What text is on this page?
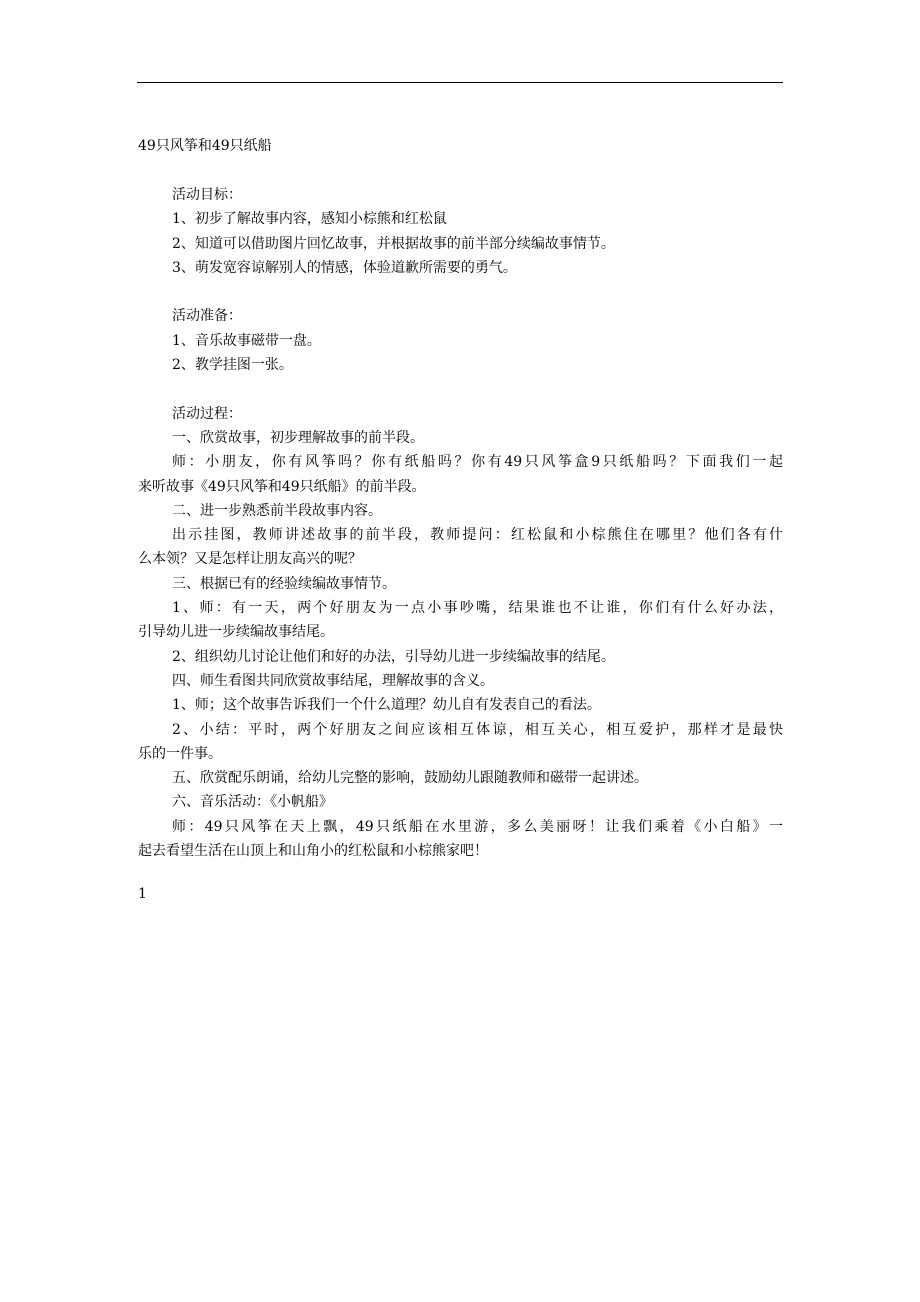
49只风筝和49只纸船
活动目标：
1、初步了解故事内容，感知小棕熊和红松鼠
2、知道可以借助图片回忆故事，并根据故事的前半部分续编故事情节。
3、萌发宽容谅解别人的情感，体验道歉所需要的勇气。
活动准备：
1、音乐故事磁带一盘。
2、教学挂图一张。
活动过程：
一、欣赏故事，初步理解故事的前半段。
师：小朋友，你有风筝吗？你有纸船吗？你有49只风筝盒9只纸船吗？下面我们一起
来听故事《49只风筝和49只纸船》的前半段。
二、进一步熟悉前半段故事内容。
出示挂图，教师讲述故事的前半段，教师提问：红松鼠和小棕熊住在哪里？他们各有什
么本领？又是怎样让朋友高兴的呢？
三、根据已有的经验续编故事情节。
1、师：有一天，两个好朋友为一点小事吵嘴，结果谁也不让谁，你们有什么好办法，
引导幼儿进一步续编故事结尾。
2、组织幼儿讨论让他们和好的办法，引导幼儿进一步续编故事的结尾。
四、师生看图共同欣赏故事结尾，理解故事的含义。
1、师；这个故事告诉我们一个什么道理？幼儿自有发表自己的看法。
2、小结：平时，两个好朋友之间应该相互体谅，相互关心，相互爱护，那样才是最快
乐的一件事。
五、欣赏配乐朗诵，给幼儿完整的影响，鼓励幼儿跟随教师和磁带一起讲述。
六、音乐活动：《小帆船》
师：49只风筝在天上飘，49只纸船在水里游，多么美丽呀！让我们乘着《小白船》一
起去看望生活在山顶上和山角小的红松鼠和小棕熊家吧！
1
